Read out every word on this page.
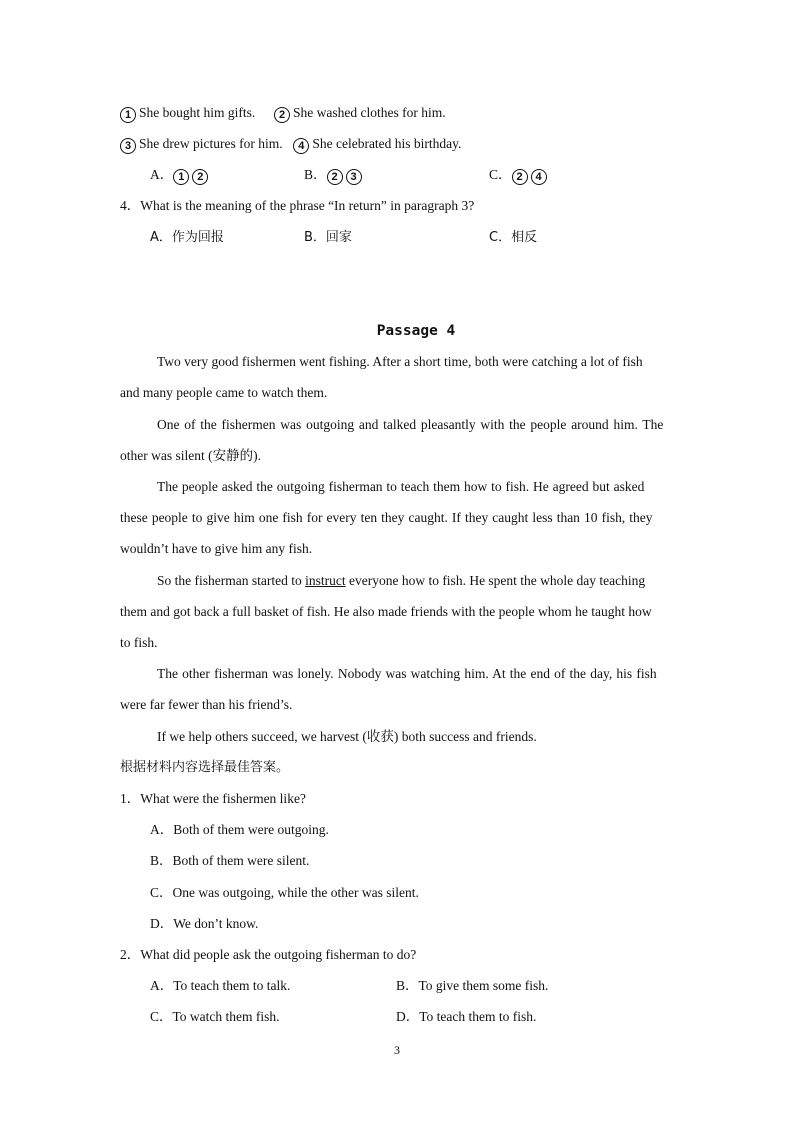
1 She bought him gifts. 2 She washed clothes for him.
3 She drew pictures for him. 4 She celebrated his birthday.
A． 1 2	B． 2 3	C． 2 4
4．What is the meaning of the phrase “In return” in paragraph 3?
A．作为回报	B．回家	C．相反
Passage 4
Two very good fishermen went fishing. After a short time, both were catching a lot of fish
and many people came to watch them.
One of the fishermen was outgoing and talked pleasantly with the people around him. The
other was silent (安静的).
The people asked the outgoing fisherman to teach them how to fish. He agreed but asked
these people to give him one fish for every ten they caught. If they caught less than 10 fish, they
wouldn’t have to give him any fish.
So the fisherman started to instruct everyone how to fish. He spent the whole day teaching
them and got back a full basket of fish. He also made friends with the people whom he taught how
to fish.
The other fisherman was lonely. Nobody was watching him. At the end of the day, his fish
were far fewer than his friend’s.
If we help others succeed, we harvest (收获) both success and friends.
根据材料内容选择最佳答案。
1．What were the fishermen like?
A．Both of them were outgoing.
B．Both of them were silent.
C．One was outgoing, while the other was silent.
D．We don’t know.
2．What did people ask the outgoing fisherman to do?
A．To teach them to talk.	B．To give them some fish.
C．To watch them fish.	D．To teach them to fish.
3
